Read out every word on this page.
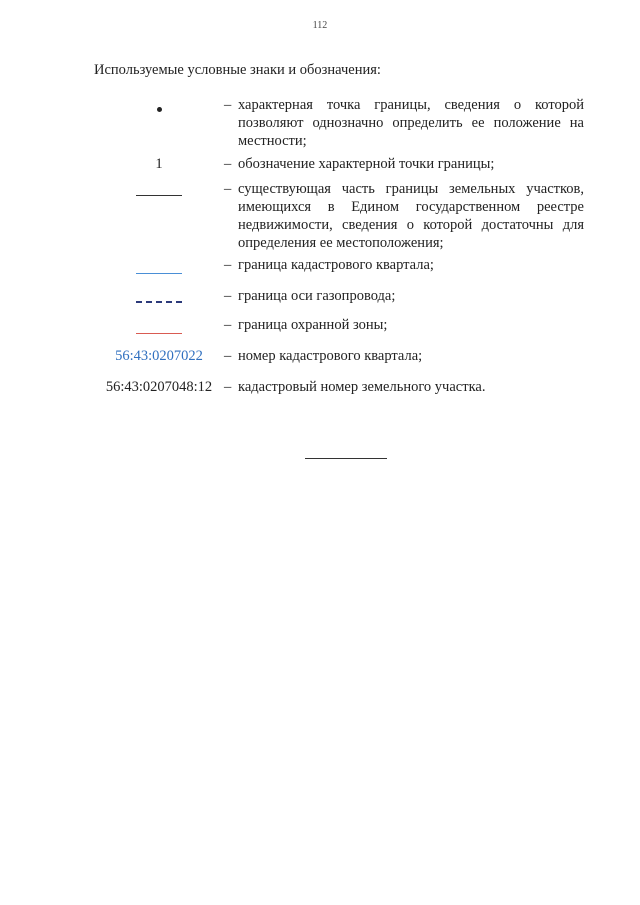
112
Используемые условные знаки и обозначения:
– характерная точка границы, сведения о которой позволяют однозначно определить ее положение на местности;
1	– обозначение характерной точки границы;
– существующая часть границы земельных участков, имеющихся в Едином государственном реестре недвижимости, сведения о которой достаточны для определения ее местоположения;
– граница кадастрового квартала;
– граница оси газопровода;
– граница охранной зоны;
56:43:0207022 – номер кадастрового квартала;
56:43:0207048:12 – кадастровый номер земельного участка.
